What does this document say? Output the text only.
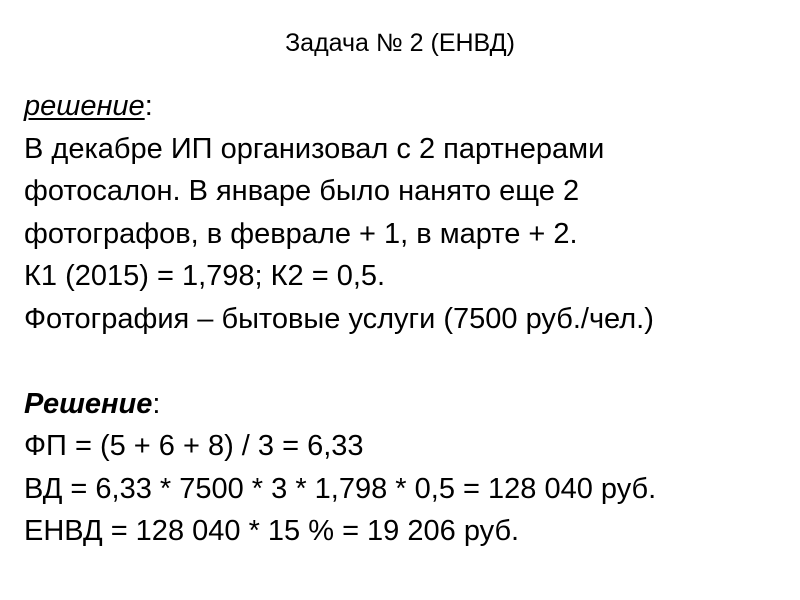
Задача № 2 (ЕНВД)
решение:
В декабре ИП организовал с 2 партнерами
фотосалон. В январе было нанято еще 2
фотографов, в феврале + 1, в марте + 2.
К1 (2015) = 1,798; К2 = 0,5.
Фотография – бытовые услуги (7500 руб./чел.)
Решение:
ФП = (5 + 6 + 8) / 3 = 6,33
ВД = 6,33 * 7500 * 3 * 1,798 * 0,5 = 128 040 руб.
ЕНВД = 128 040 * 15 % = 19 206 руб.
